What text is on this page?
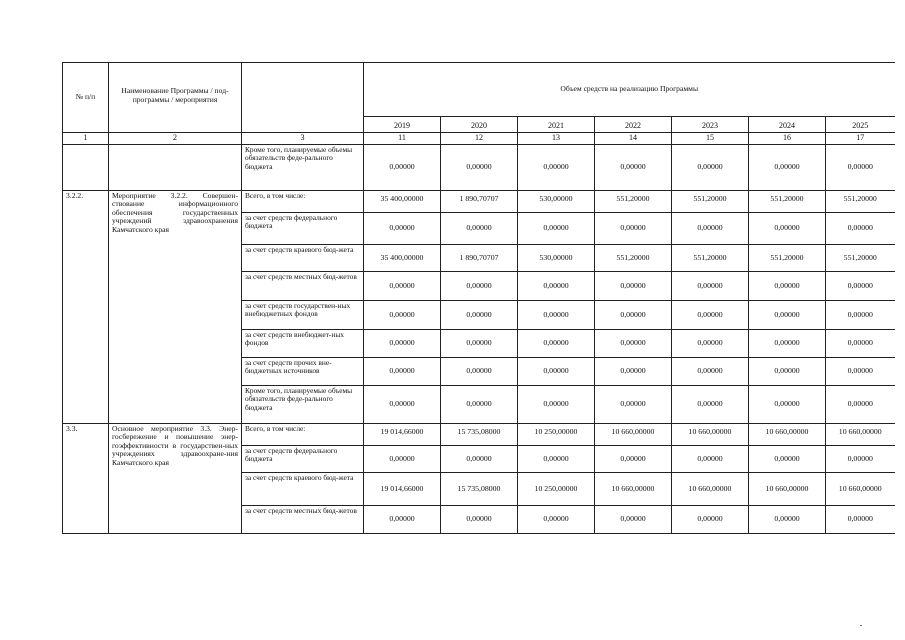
№ п/п	Наименование Программы / под-программы / мероприятия		Объем средств на реализацию Программы						
			2019	2020	2021	2022	2023	2024	2025
1	2	3	11	12	13	14	15	16	17
		Кроме того, планируемые объемы обязательств феде-рального бюджета	0,00000	0,00000	0,00000	0,00000	0,00000	0,00000	0,00000
3.2.2.	Мероприятие 3.2.2. Совершен-ствование информационного обеспечения государственных учреждений здравоохранения Камчатского края	Всего, в том числе:	35 400,00000	1 890,70707	530,00000	551,20000	551,20000	551,20000	551,20000
		за счет средств федерального бюджета	0,00000	0,00000	0,00000	0,00000	0,00000	0,00000	0,00000
		за счет средств краевого бюд-жета	35 400,00000	1 890,70707	530,00000	551,20000	551,20000	551,20000	551,20000
		за счет средств местных бюд-жетов	0,00000	0,00000	0,00000	0,00000	0,00000	0,00000	0,00000
		за счет средств государствен-ных внебюджетных фондов	0,00000	0,00000	0,00000	0,00000	0,00000	0,00000	0,00000
		за счет средств внебюджет-ных фондов	0,00000	0,00000	0,00000	0,00000	0,00000	0,00000	0,00000
		за счет средств прочих вне-бюджетных источников	0,00000	0,00000	0,00000	0,00000	0,00000	0,00000	0,00000
		Кроме того, планируемые объемы обязательств феде-рального бюджета	0,00000	0,00000	0,00000	0,00000	0,00000	0,00000	0,00000
3.3.	Основное мероприятие 3.3. Энер-госбережение и повышение энер-гоэффективности в государствен-ных учреждениях здравоохране-ния Камчатского края	Всего, в том числе:	19 014,66000	15 735,08000	10 250,00000	10 660,00000	10 660,00000	10 660,00000	10 660,00000
		за счет средств федерального бюджета	0,00000	0,00000	0,00000	0,00000	0,00000	0,00000	0,00000
		за счет средств краевого бюд-жета	19 014,66000	15 735,08000	10 250,00000	10 660,00000	10 660,00000	10 660,00000	10 660,00000
		за счет средств местных бюд-жетов	0,00000	0,00000	0,00000	0,00000	0,00000	0,00000	0,00000
